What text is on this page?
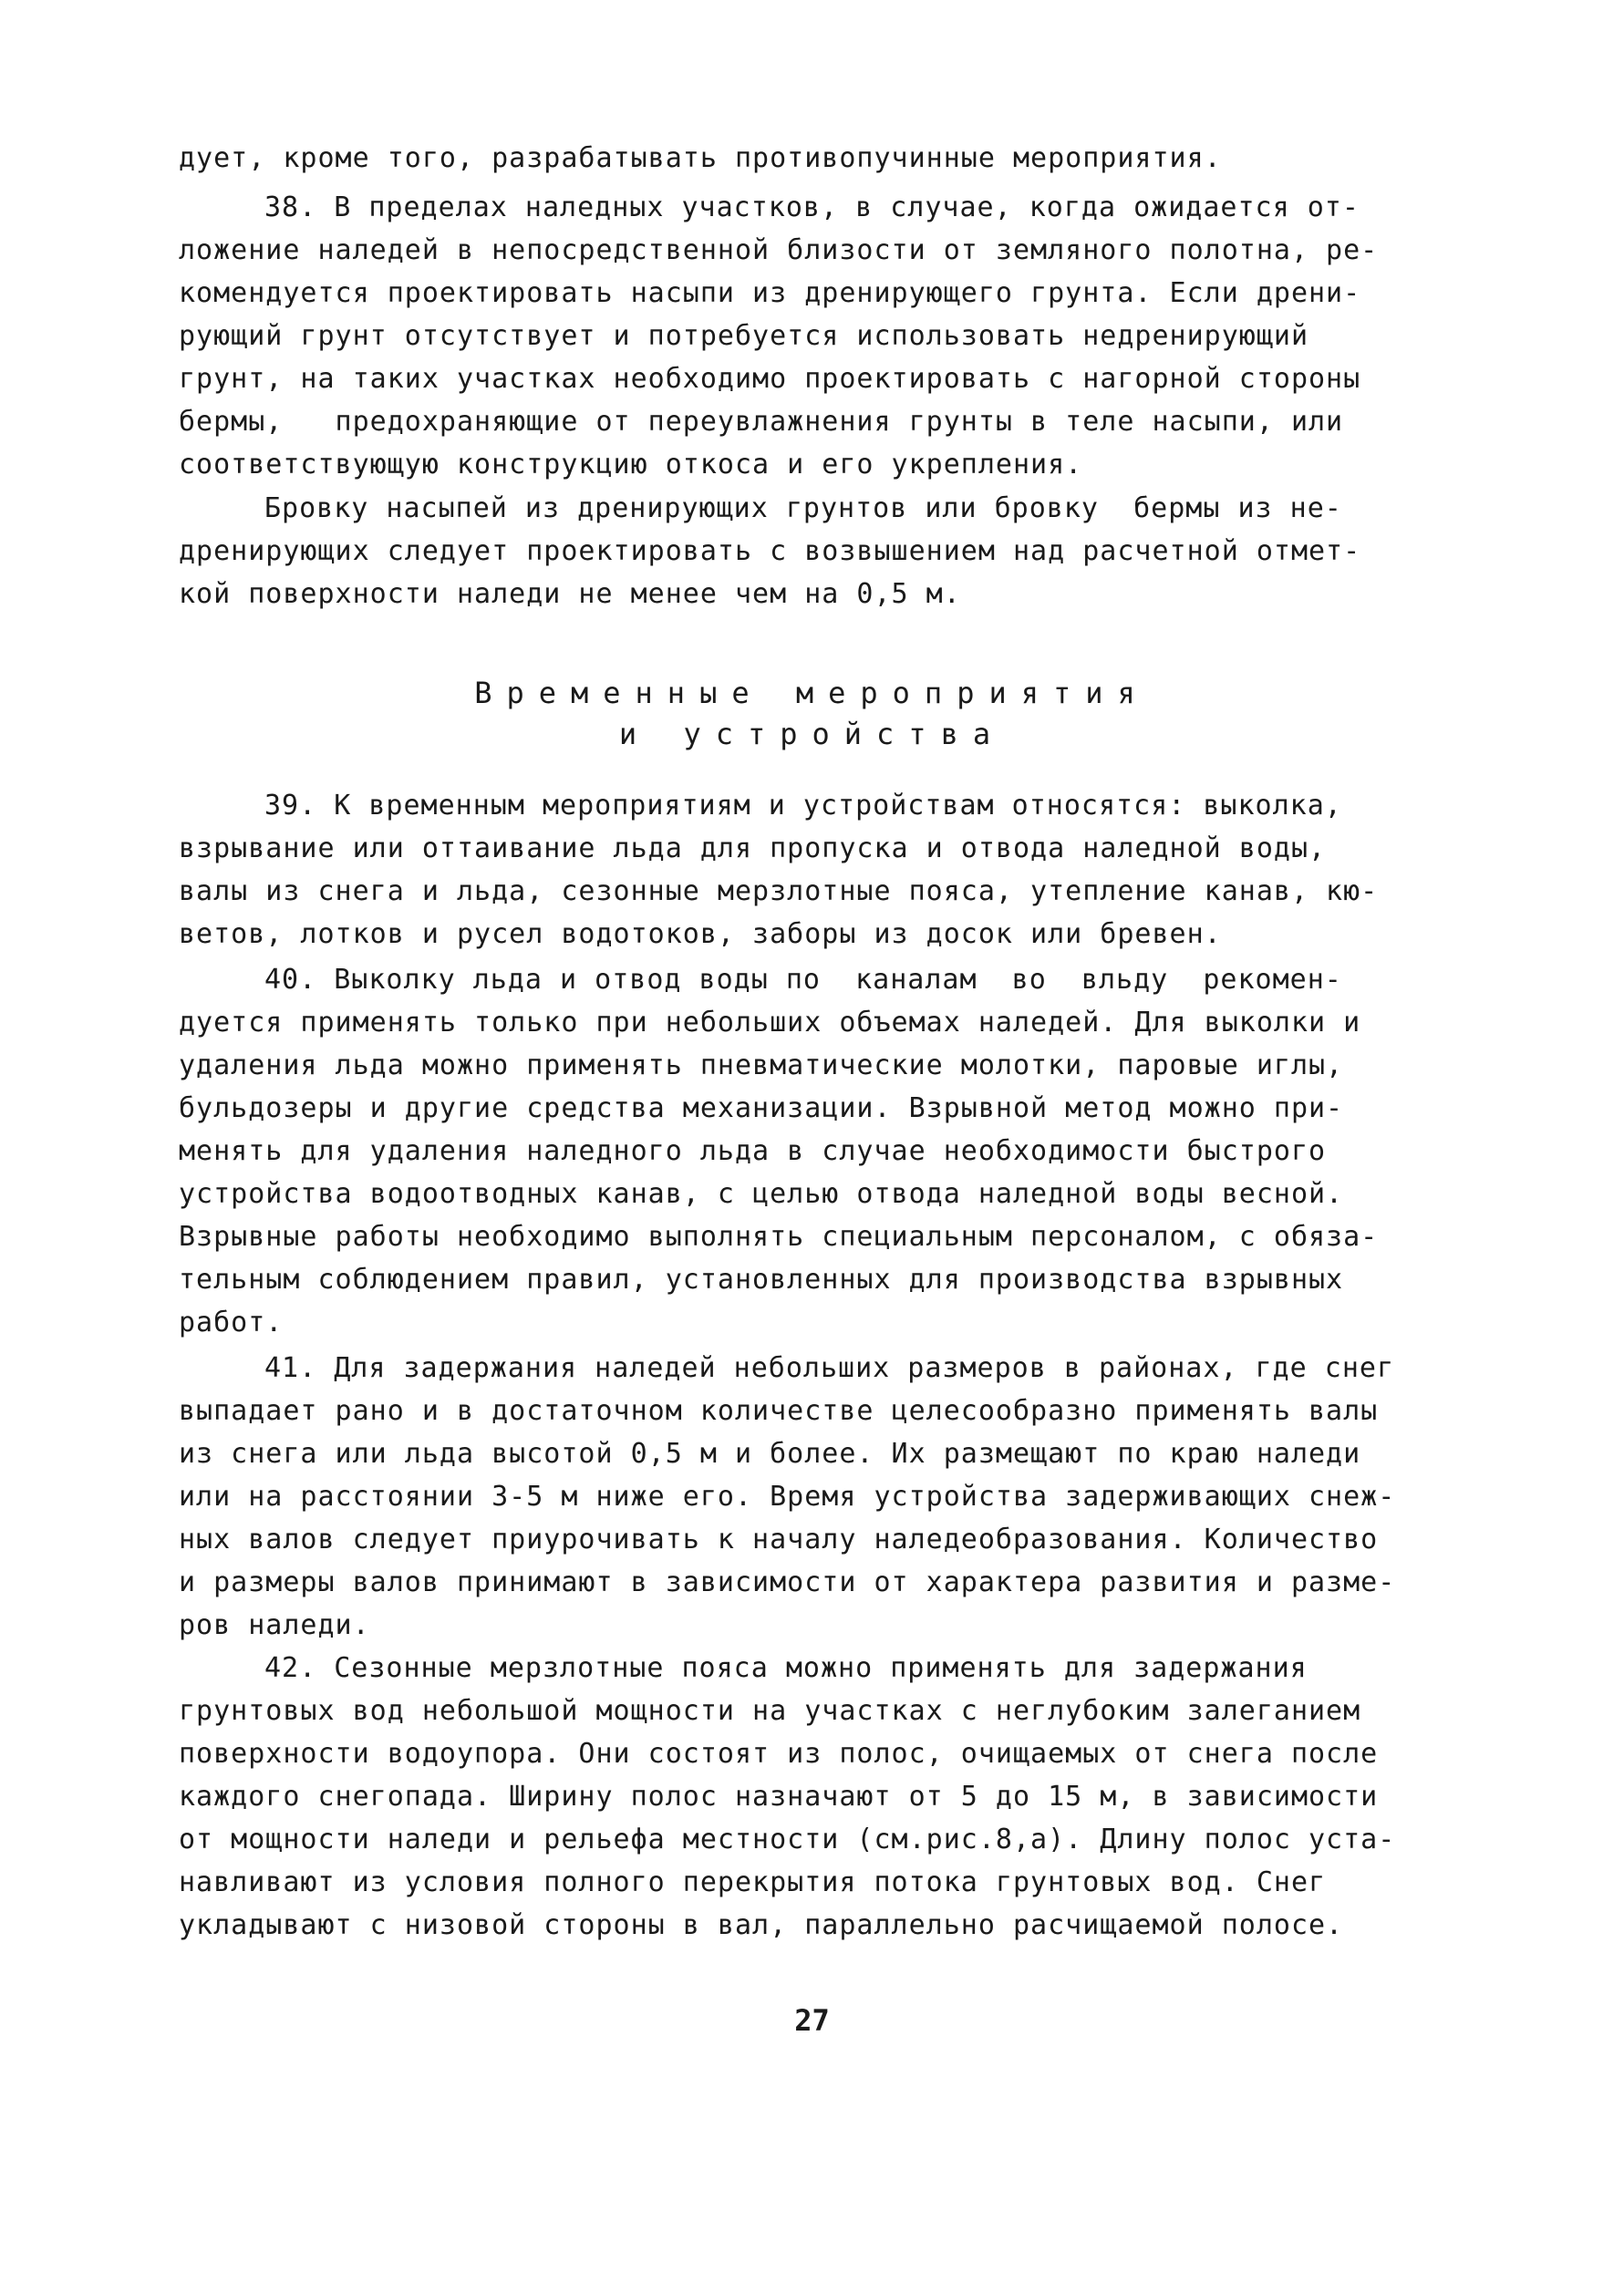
дует, кроме того, разрабатывать противопучинные мероприятия.
38. В пределах наледных участков, в случае, когда ожидается от-
ложение наледей в непосредственной близости от земляного полотна, ре-
комендуется проектировать насыпи из дренирующего грунта. Если дрени-
рующий грунт отсутствует и потребуется использовать недренирующий
грунт, на таких участках необходимо проектировать с нагорной стороны
бермы,   предохраняющие от переувлажнения грунты в теле насыпи, или
соответствующую конструкцию откоса и его укрепления.
Бровку насыпей из дренирующих грунтов или бровку  бермы из не-
дренирующих следует проектировать с возвышением над расчетной отмет-
кой поверхности наледи не менее чем на 0,5 м.
Временные мероприятия
и устройства
39. К временным мероприятиям и устройствам относятся: выколка,
взрывание или оттаивание льда для пропуска и отвода наледной воды,
валы из снега и льда, сезонные мерзлотные пояса, утепление канав, кю-
ветов, лотков и русел водотоков, заборы из досок или бревен.
40. Выколку льда и отвод воды по  каналам  во  вльду  рекомен-
дуется применять только при небольших объемах наледей. Для выколки и
удаления льда можно применять пневматические молотки, паровые иглы,
бульдозеры и другие средства механизации. Взрывной метод можно при-
менять для удаления наледного льда в случае необходимости быстрого
устройства водоотводных канав, с целью отвода наледной воды весной.
Взрывные работы необходимо выполнять специальным персоналом, с обяза-
тельным соблюдением правил, установленных для производства взрывных
работ.
41. Для задержания наледей небольших размеров в районах, где снег
выпадает рано и в достаточном количестве целесообразно применять валы
из снега или льда высотой 0,5 м и более. Их размещают по краю наледи
или на расстоянии 3-5 м ниже его. Время устройства задерживающих снеж-
ных валов следует приурочивать к началу наледеобразования. Количество
и размеры валов принимают в зависимости от характера развития и разме-
ров наледи.
42. Сезонные мерзлотные пояса можно применять для задержания
грунтовых вод небольшой мощности на участках с неглубоким залеганием
поверхности водоупора. Они состоят из полос, очищаемых от снега после
каждого снегопада. Ширину полос назначают от 5 до 15 м, в зависимости
от мощности наледи и рельефа местности (см.рис.8,а). Длину полос уста-
навливают из условия полного перекрытия потока грунтовых вод. Снег
укладывают с низовой стороны в вал, параллельно расчищаемой полосе.
27
